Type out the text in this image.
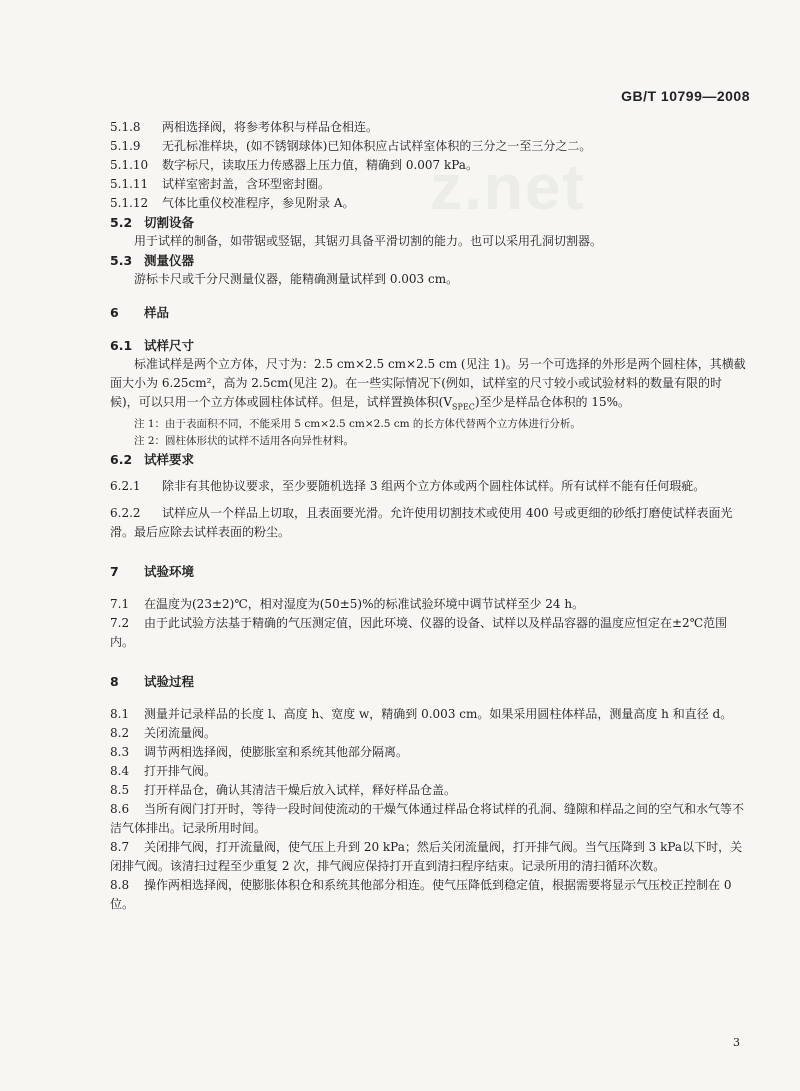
GB/T 10799—2008
z.net
5.1.8	两相选择阀，将参考体积与样品仓相连。
5.1.9	无孔标准样块，(如不锈钢球体)已知体积应占试样室体积的三分之一至三分之二。
5.1.10	数字标尺，读取压力传感器上压力值，精确到 0.007 kPa。
5.1.11	试样室密封盖，含环型密封圈。
5.1.12	气体比重仪校准程序，参见附录 A。
5.2 切割设备
用于试样的制备，如带锯或竖锯，其锯刃具备平滑切割的能力。也可以采用孔洞切割器。
5.3 测量仪器
游标卡尺或千分尺测量仪器，能精确测量试样到 0.003 cm。
6	样品
6.1 试样尺寸
标准试样是两个立方体，尺寸为：2.5 cm×2.5 cm×2.5 cm (见注 1)。另一个可选择的外形是两个圆柱体，其横截面大小为 6.25cm²，高为 2.5cm(见注 2)。在一些实际情况下(例如，试样室的尺寸较小或试验材料的数量有限的时候)，可以只用一个立方体或圆柱体试样。但是，试样置换体积$(V_{SPEC})$至少是样品仓体积的 15%。
注 1：由于表面积不同，不能采用 5 cm×2.5 cm×2.5 cm 的长方体代替两个立方体进行分析。
注 2：圆柱体形状的试样不适用各向异性材料。
6.2 试样要求
6.2.1 除非有其他协议要求，至少要随机选择 3 组两个立方体或两个圆柱体试样。所有试样不能有任何瑕疵。
6.2.2 试样应从一个样品上切取，且表面要光滑。允许使用切割技术或使用 400 号或更细的砂纸打磨使试样表面光滑。最后应除去试样表面的粉尘。
7	试验环境
7.1 在温度为(23±2)℃，相对湿度为(50±5)%的标准试验环境中调节试样至少 24 h。
7.2 由于此试验方法基于精确的气压测定值，因此环境、仪器的设备、试样以及样品容器的温度应恒定在±2℃范围内。
8	试验过程
8.1 测量并记录样品的长度 l、高度 h、宽度 w，精确到 0.003 cm。如果采用圆柱体样品，测量高度 h 和直径 d。
8.2	关闭流量阀。
8.3	调节两相选择阀，使膨胀室和系统其他部分隔离。
8.4	打开排气阀。
8.5	打开样品仓，确认其清洁干燥后放入试样，释好样品仓盖。
8.6 当所有阀门打开时，等待一段时间使流动的干燥气体通过样品仓将试样的孔洞、缝隙和样品之间的空气和水气等不洁气体排出。记录所用时间。
8.7 关闭排气阀，打开流量阀，使气压上升到 20 kPa；然后关闭流量阀，打开排气阀。当气压降到 3 kPa以下时，关闭排气阀。该清扫过程至少重复 2 次，排气阀应保持打开直到清扫程序结束。记录所用的清扫循环次数。
8.8 操作两相选择阀，使膨胀体积仓和系统其他部分相连。使气压降低到稳定值，根据需要将显示气压校正控制在 0 位。
3
